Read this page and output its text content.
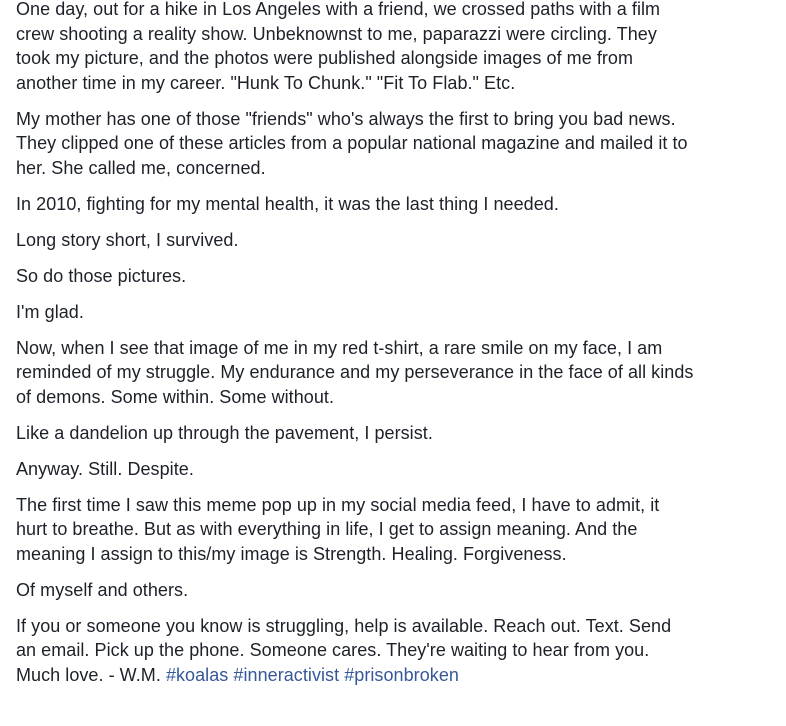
One day, out for a hike in Los Angeles with a friend, we crossed paths with a film
crew shooting a reality show. Unbeknownst to me, paparazzi were circling. They
took my picture, and the photos were published alongside images of me from
another time in my career. "Hunk To Chunk." "Fit To Flab." Etc.

My mother has one of those "friends" who's always the first to bring you bad news.
They clipped one of these articles from a popular national magazine and mailed it to
her. She called me, concerned.

In 2010, fighting for my mental health, it was the last thing I needed.

Long story short, I survived.

So do those pictures.

I'm glad.

Now, when I see that image of me in my red t-shirt, a rare smile on my face, I am
reminded of my struggle. My endurance and my perseverance in the face of all kinds
of demons. Some within. Some without.

Like a dandelion up through the pavement, I persist.

Anyway. Still. Despite.

The first time I saw this meme pop up in my social media feed, I have to admit, it
hurt to breathe. But as with everything in life, I get to assign meaning. And the
meaning I assign to this/my image is Strength. Healing. Forgiveness.

Of myself and others.

If you or someone you know is struggling, help is available. Reach out. Text. Send
an email. Pick up the phone. Someone cares. They're waiting to hear from you.
Much love. - W.M. #koalas #inneractivist #prisonbroken
